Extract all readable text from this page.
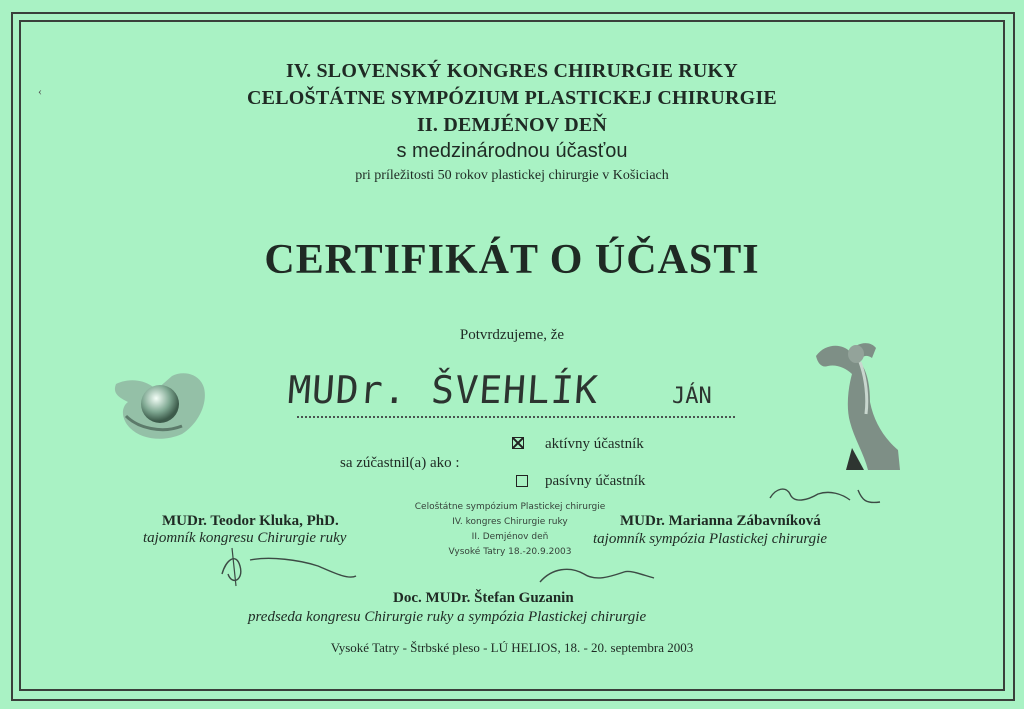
‹
IV. SLOVENSKÝ KONGRES CHIRURGIE RUKY
CELOŠTÁTNE SYMPÓZIUM PLASTICKEJ CHIRURGIE
II. DEMJÉNOV DEŇ
s medzinárodnou účasťou
pri príležitosti 50 rokov plastickej chirurgie v Košiciach
CERTIFIKÁT O ÚČASTI
Potvrdzujeme, že
MUDr. ŠVEHLÍK	JÁN
sa zúčastnil(a) ako :
aktívny účastník
pasívny účastník
Celoštátne sympózium Plastickej chirurgie
IV. kongres Chirurgie ruky
II. Demjénov deň
Vysoké Tatry 18.-20.9.2003
MUDr. Teodor Kluka, PhD.
tajomník kongresu Chirurgie ruky
MUDr. Marianna Zábavníková
tajomník sympózia Plastickej chirurgie
Doc. MUDr. Štefan Guzanin
predseda kongresu Chirurgie ruky a sympózia Plastickej chirurgie
Vysoké Tatry - Štrbské pleso - LÚ HELIOS, 18. - 20. septembra 2003
